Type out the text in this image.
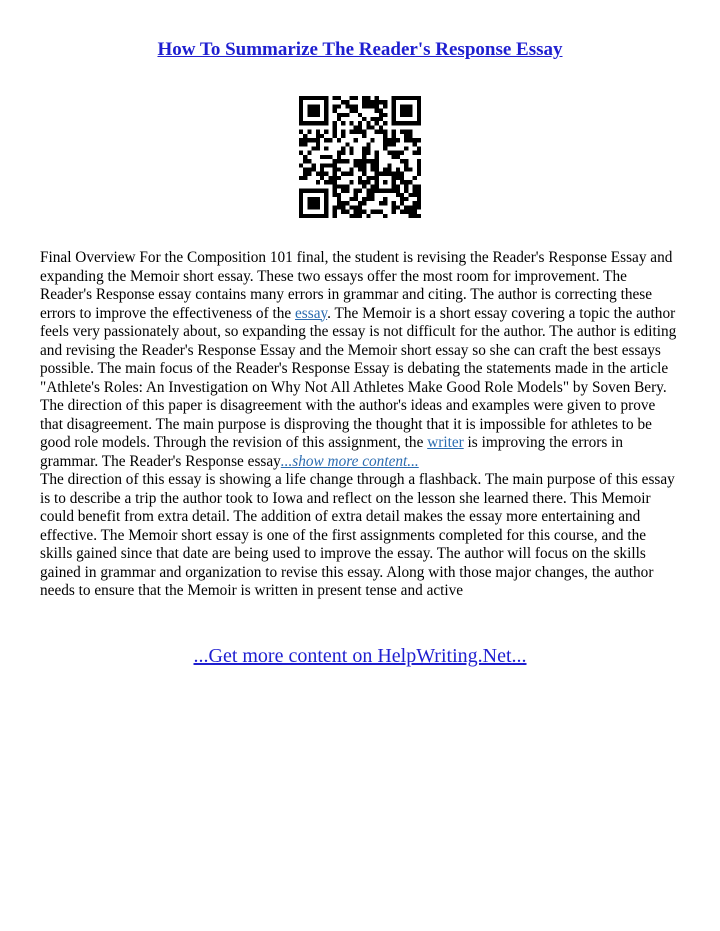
How To Summarize The Reader's Response Essay

Final Overview For the Composition 101 final, the student is revising the Reader's Response Essay and expanding the Memoir short essay. These two essays offer the most room for improvement. The Reader's Response essay contains many errors in grammar and citing. The author is correcting these errors to improve the effectiveness of the essay. The Memoir is a short essay covering a topic the author feels very passionately about, so expanding the essay is not difficult for the author. The author is editing and revising the Reader's Response Essay and the Memoir short essay so she can craft the best essays possible. The main focus of the Reader's Response Essay is debating the statements made in the article "Athlete's Roles: An Investigation on Why Not All Athletes Make Good Role Models" by Soven Bery. The direction of this paper is disagreement with the author's ideas and examples were given to prove that disagreement. The main purpose is disproving the thought that it is impossible for athletes to be good role models. Through the revision of this assignment, the writer is improving the errors in grammar. The Reader's Response essay...show more content...

The direction of this essay is showing a life change through a flashback. The main purpose of this essay is to describe a trip the author took to Iowa and reflect on the lesson she learned there. This Memoir could benefit from extra detail. The addition of extra detail makes the essay more entertaining and effective. The Memoir short essay is one of the first assignments completed for this course, and the skills gained since that date are being used to improve the essay. The author will focus on the skills gained in grammar and organization to revise this essay. Along with those major changes, the author needs to ensure that the Memoir is written in present tense and active

...Get more content on HelpWriting.Net...
